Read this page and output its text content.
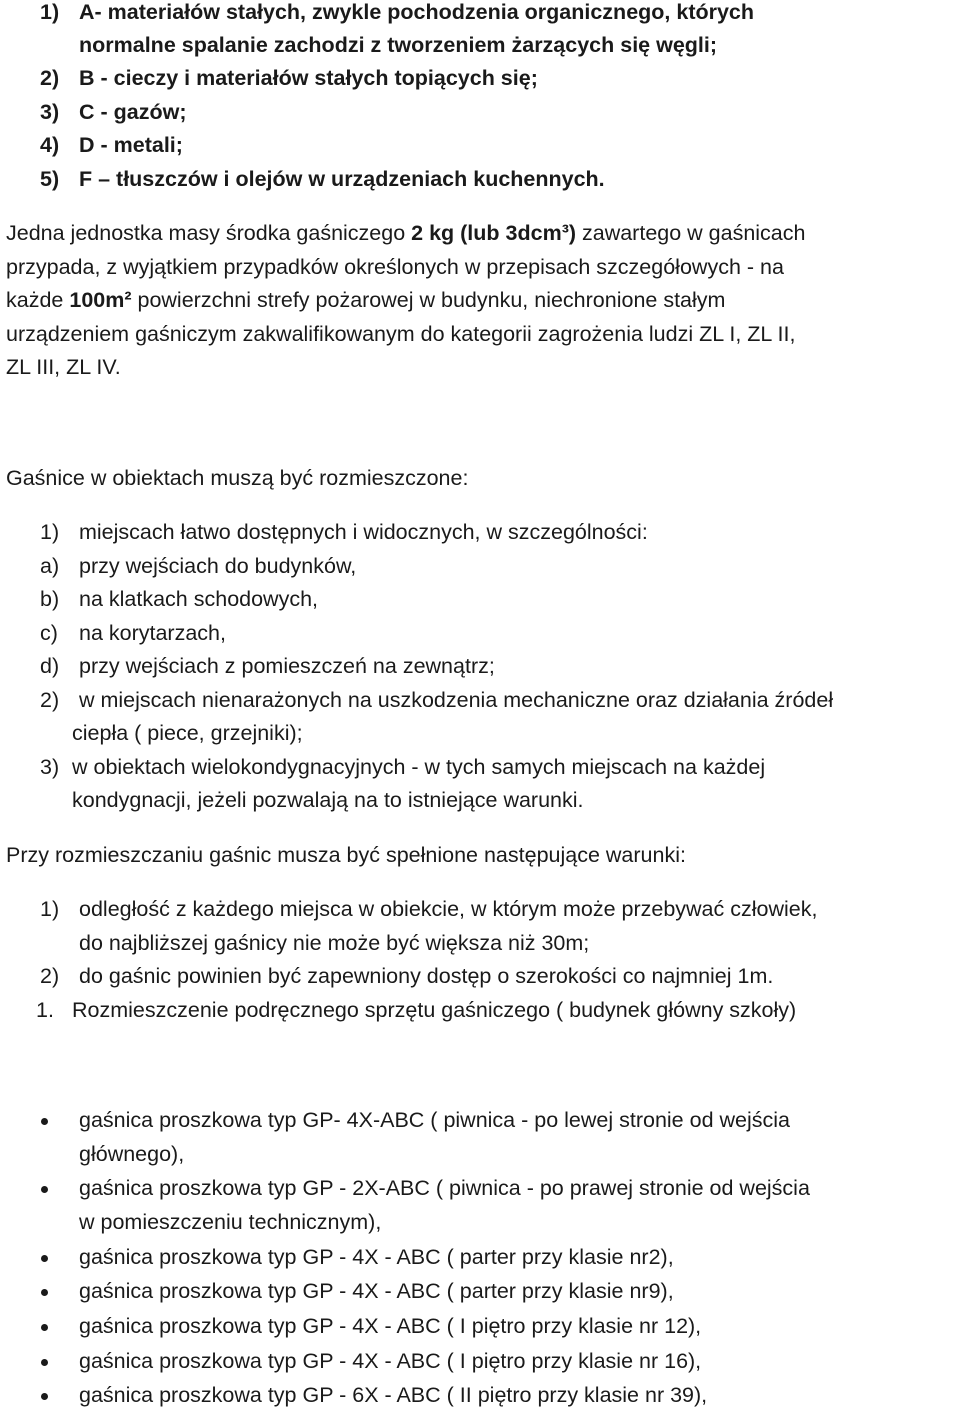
1) A- materiałów stałych, zwykle pochodzenia organicznego, których
normalne spalanie zachodzi z tworzeniem żarzących się węgli;
2) B - cieczy i materiałów stałych topiących się;
3) C - gazów;
4) D - metali;
5) F – tłuszczów i olejów w urządzeniach kuchennych.
Jedna jednostka masy środka gaśniczego 2 kg (lub 3dcm³) zawartego w gaśnicach
przypada, z wyjątkiem przypadków określonych w przepisach szczegółowych - na
każde 100m² powierzchni strefy pożarowej w budynku, niechronione stałym
urządzeniem gaśniczym zakwalifikowanym do kategorii zagrożenia ludzi ZL I, ZL II,
ZL III, ZL IV.
Gaśnice w obiektach muszą być rozmieszczone:
1) miejscach łatwo dostępnych i widocznych, w szczególności:
a) przy wejściach do budynków,
b) na klatkach schodowych,
c) na korytarzach,
d) przy wejściach z pomieszczeń na zewnątrz;
2) w miejscach nienarażonych na uszkodzenia mechaniczne oraz działania źródeł
ciepła ( piece, grzejniki);
3) w obiektach wielokondygnacyjnych - w tych samych miejscach na każdej
kondygnacji, jeżeli pozwalają na to istniejące warunki.
Przy rozmieszczaniu gaśnic musza być spełnione następujące warunki:
1) odległość z każdego miejsca w obiekcie, w którym może przebywać człowiek,
do najbliższej gaśnicy nie może być większa niż 30m;
2) do gaśnic powinien być zapewniony dostęp o szerokości co najmniej 1m.
1. Rozmieszczenie podręcznego sprzętu gaśniczego ( budynek główny szkoły)
gaśnica proszkowa typ GP- 4X-ABC ( piwnica - po lewej stronie od wejścia
głównego),
gaśnica proszkowa typ GP - 2X-ABC ( piwnica - po prawej stronie od wejścia
w pomieszczeniu technicznym),
gaśnica proszkowa typ GP - 4X - ABC ( parter przy klasie nr2),
gaśnica proszkowa typ GP - 4X - ABC ( parter przy klasie nr9),
gaśnica proszkowa typ GP - 4X - ABC ( I piętro przy klasie nr 12),
gaśnica proszkowa typ GP - 4X - ABC ( I piętro przy klasie nr 16),
gaśnica proszkowa typ GP - 6X - ABC ( II piętro przy klasie nr 39),
